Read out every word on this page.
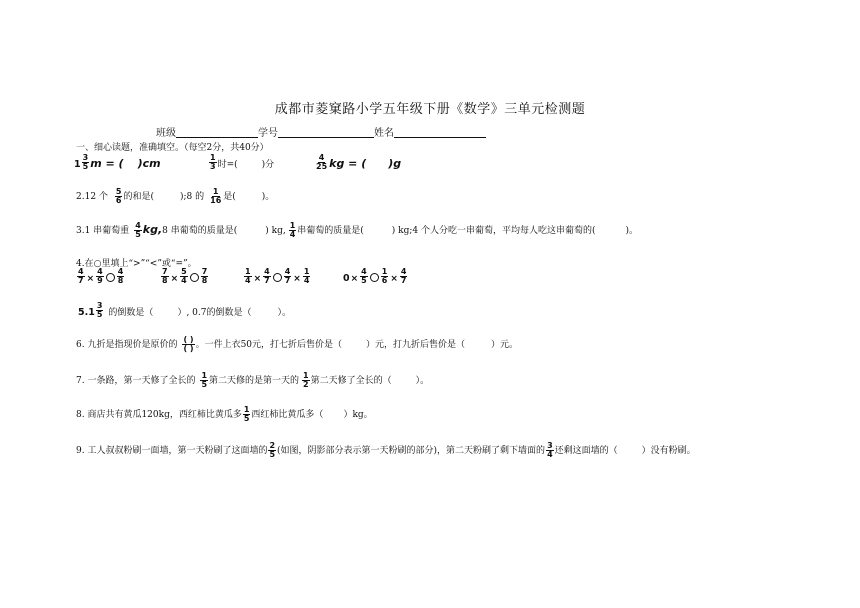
成都市菱窠路小学五年级下册《数学》三单元检测题
班级	学号	姓名
一、细心读题，准确填空。（每空2分，共40分）
$1 \frac{3}{5}$ m = ( )cm	$\frac{1}{3}$ 时=(	)分	$\frac{4}{25}$ kg = ( )g
2.12 个 $\frac{5}{6}$ 的和是(	);8 的 $\frac{1}{16}$ 是(	)。
3.1 串葡萄重 $\frac{4}{5} kg,8$ 串葡萄的质量是(	) kg, $\frac{1}{4}$ 串葡萄的质量是(	) kg;4 个人分吃一串葡萄，平均每人吃这串葡萄的(	)。
4.在○里填上“>”“<”或“=”。
$\frac{4}{7} \times \frac{4}{9} \frac{4}{8}$	$\frac{7}{8} \times \frac{5}{4} \frac{7}{8}$	$\frac{1}{4} \times \frac{4}{7} \frac{4}{7} \times \frac{1}{4}$	$0\times \frac{4}{5} \frac{1}{6} \times \frac{4}{7}$
$5.1 \frac{3}{5}$ 的倒数是（	）, 0.7的倒数是（	）。
6. 九折是指现价是原价的 $\frac{( )}{( )}$ 。一件上衣50元，打七折后售价是（	）元，打九折后售价是（	）元。
7. 一条路，第一天修了全长的 $\frac{1}{5}$ 第二天修的是第一天的 $\frac{1}{2}$ 第二天修了全长的（	）。
8. 商店共有黄瓜120kg，西红柿比黄瓜多 $\frac{1}{5}$ 西红柿比黄瓜多（ ）kg。
9. 工人叔叔粉刷一面墙，第一天粉刷了这面墙的 $\frac{2}{5}$ (如图，阴影部分表示第一天粉刷的部分)，第二天粉刷了剩下墙面的 $\frac{3}{4}$ 还剩这面墙的（	）没有粉刷。
